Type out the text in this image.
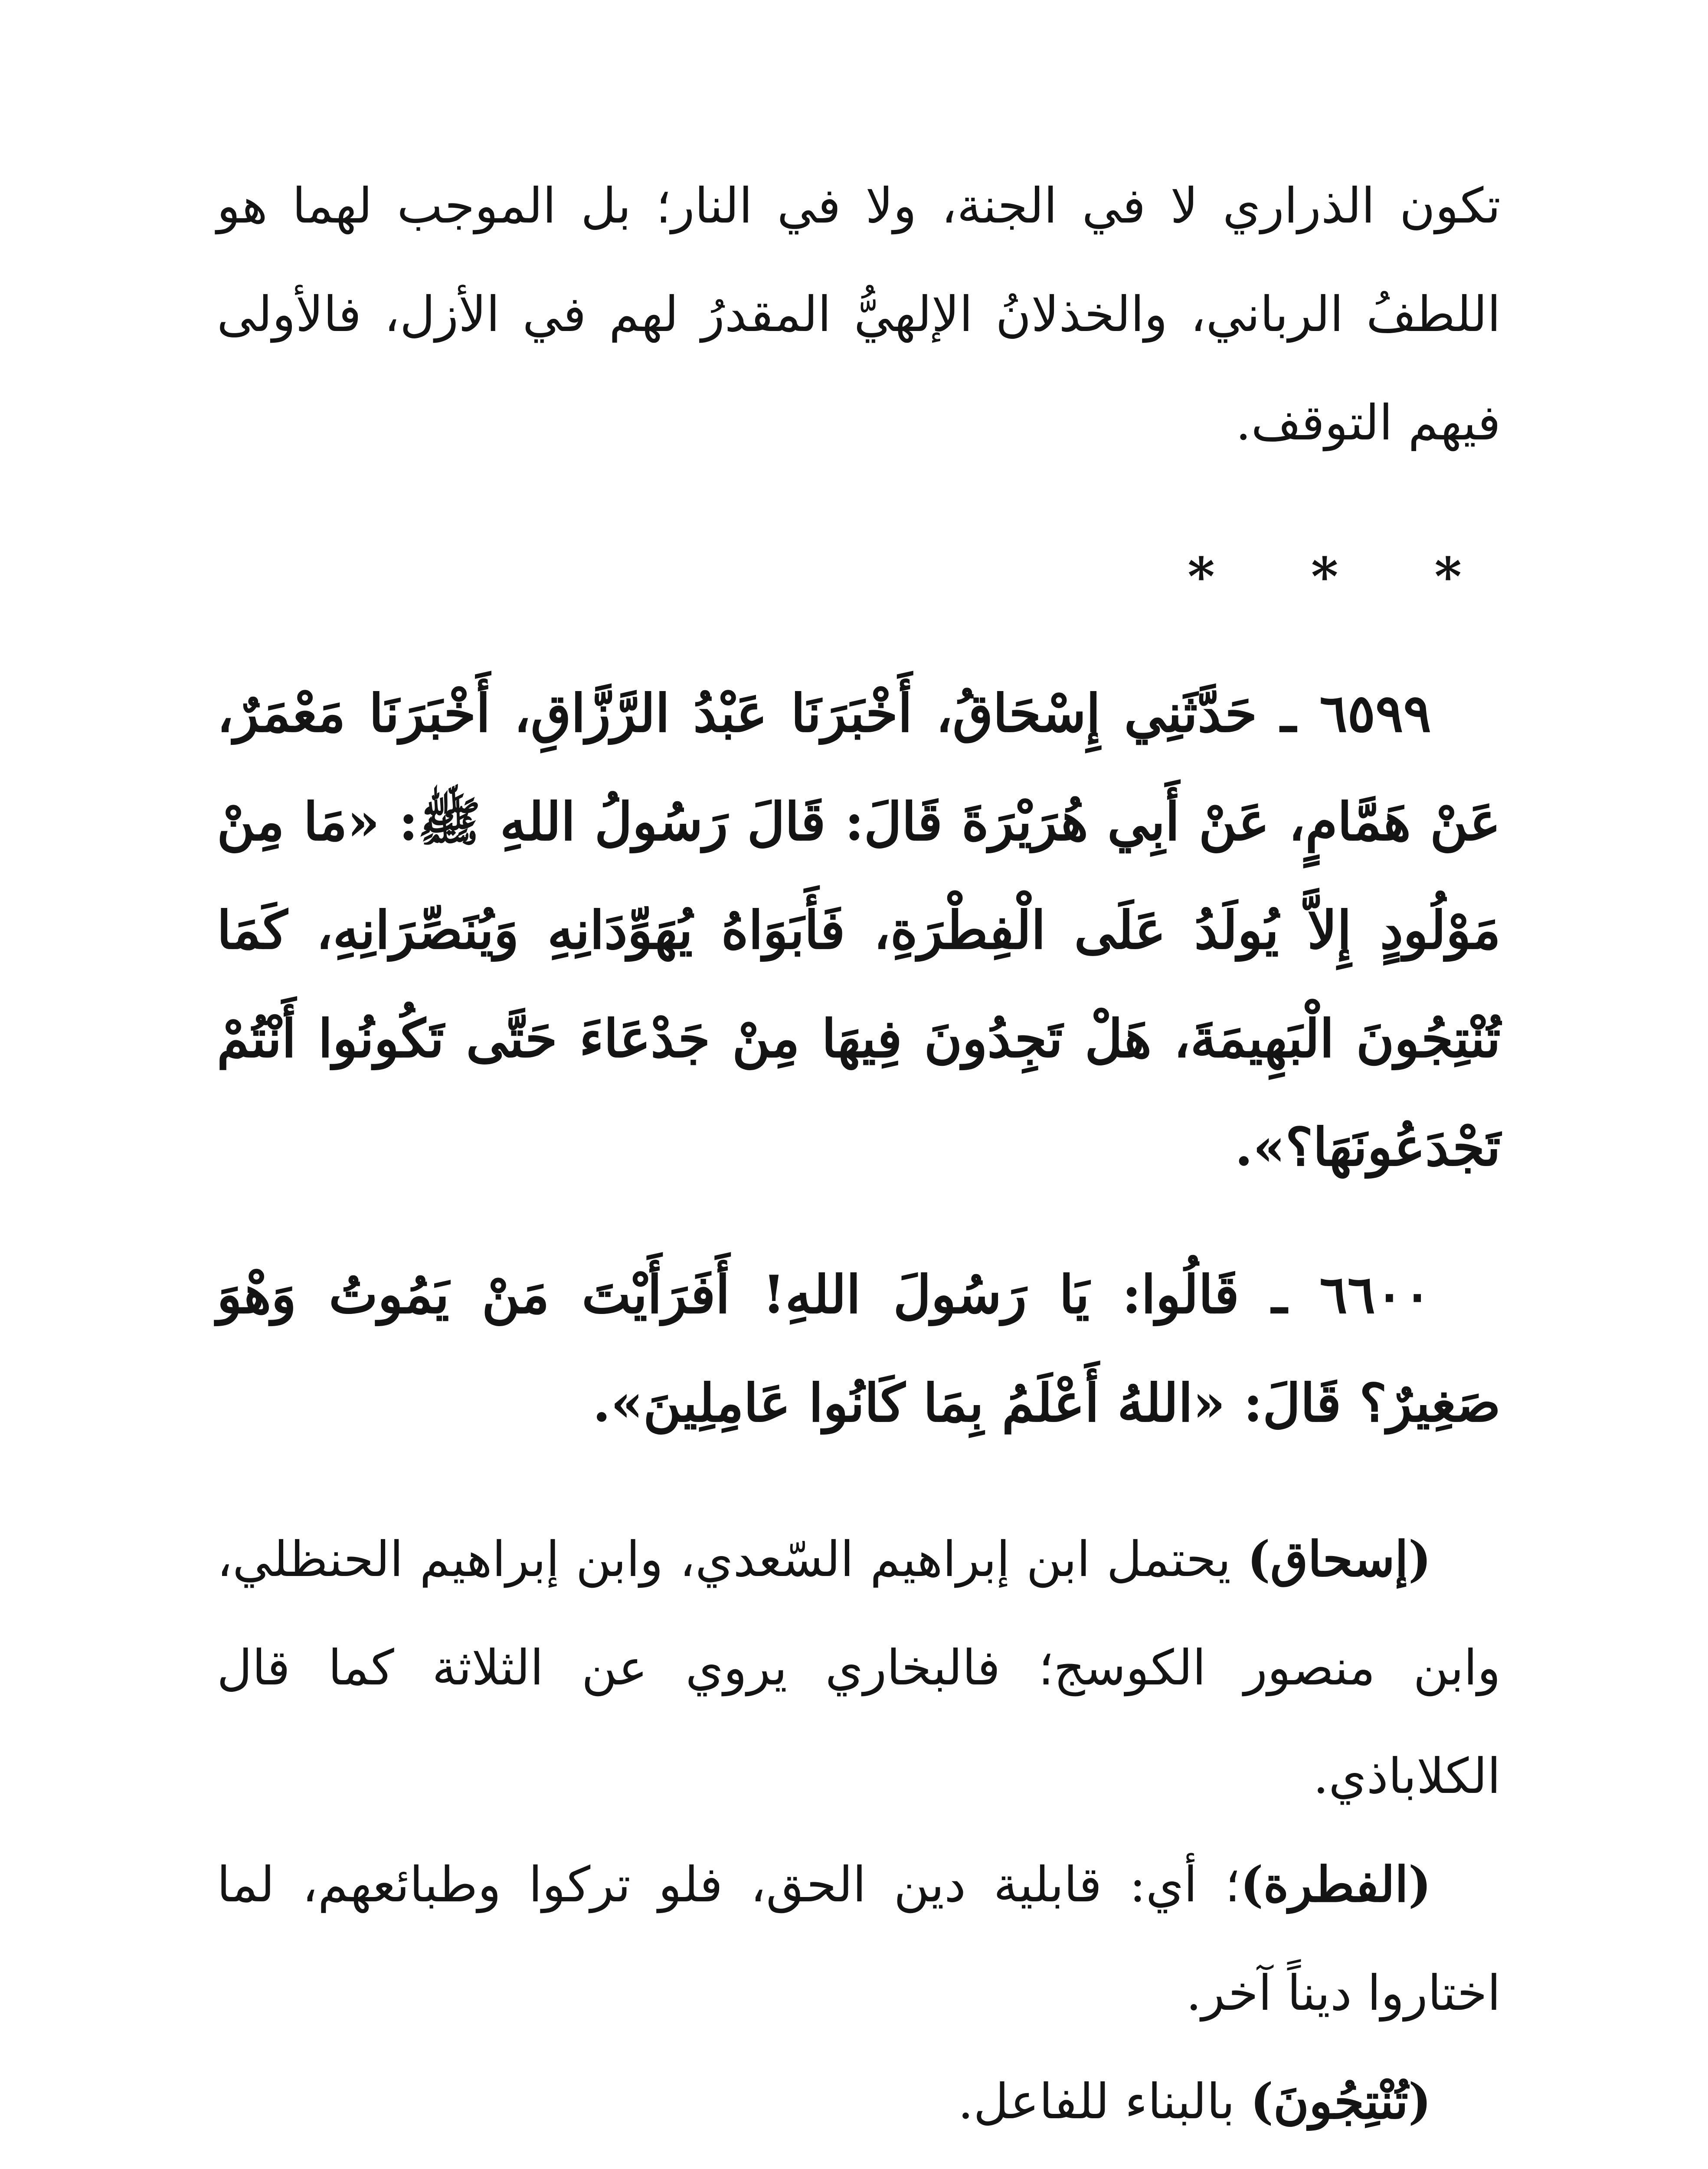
تكون الذراري لا في الجنة، ولا في النار؛ بل الموجب لهما هو اللطفُ الرباني، والخذلانُ الإلهيُّ المقدرُ لهم في الأزل، فالأولى فيهم التوقف.

* * *

٦٥٩٩ ـ حَدَّثَنِي إِسْحَاقُ، أَخْبَرَنَا عَبْدُ الرَّزَّاقِ، أَخْبَرَنَا مَعْمَرٌ، عَنْ هَمَّامٍ، عَنْ أَبِي هُرَيْرَةَ قَالَ: قَالَ رَسُولُ اللهِ ﷺ: «مَا مِنْ مَوْلُودٍ إِلاَّ يُولَدُ عَلَى الْفِطْرَةِ، فَأَبَوَاهُ يُهَوِّدَانِهِ وَيُنَصِّرَانِهِ، كَمَا تُنْتِجُونَ الْبَهِيمَةَ، هَلْ تَجِدُونَ فِيهَا مِنْ جَدْعَاءَ حَتَّى تَكُونُوا أَنْتُمْ تَجْدَعُونَهَا؟».

٦٦٠٠ ـ قَالُوا: يَا رَسُولَ اللهِ! أَفَرَأَيْتَ مَنْ يَمُوتُ وَهْوَ صَغِيرٌ؟ قَالَ: «اللهُ أَعْلَمُ بِمَا كَانُوا عَامِلِينَ».

(إسحاق) يحتمل ابن إبراهيم السّعدي، وابن إبراهيم الحنظلي، وابن منصور الكوسج؛ فالبخاري يروي عن الثلاثة كما قال الكلاباذي.

(الفطرة)؛ أي: قابلية دين الحق، فلو تركوا وطبائعهم، لما اختاروا ديناً آخر.

(تُنْتِجُونَ) بالبناء للفاعل.
